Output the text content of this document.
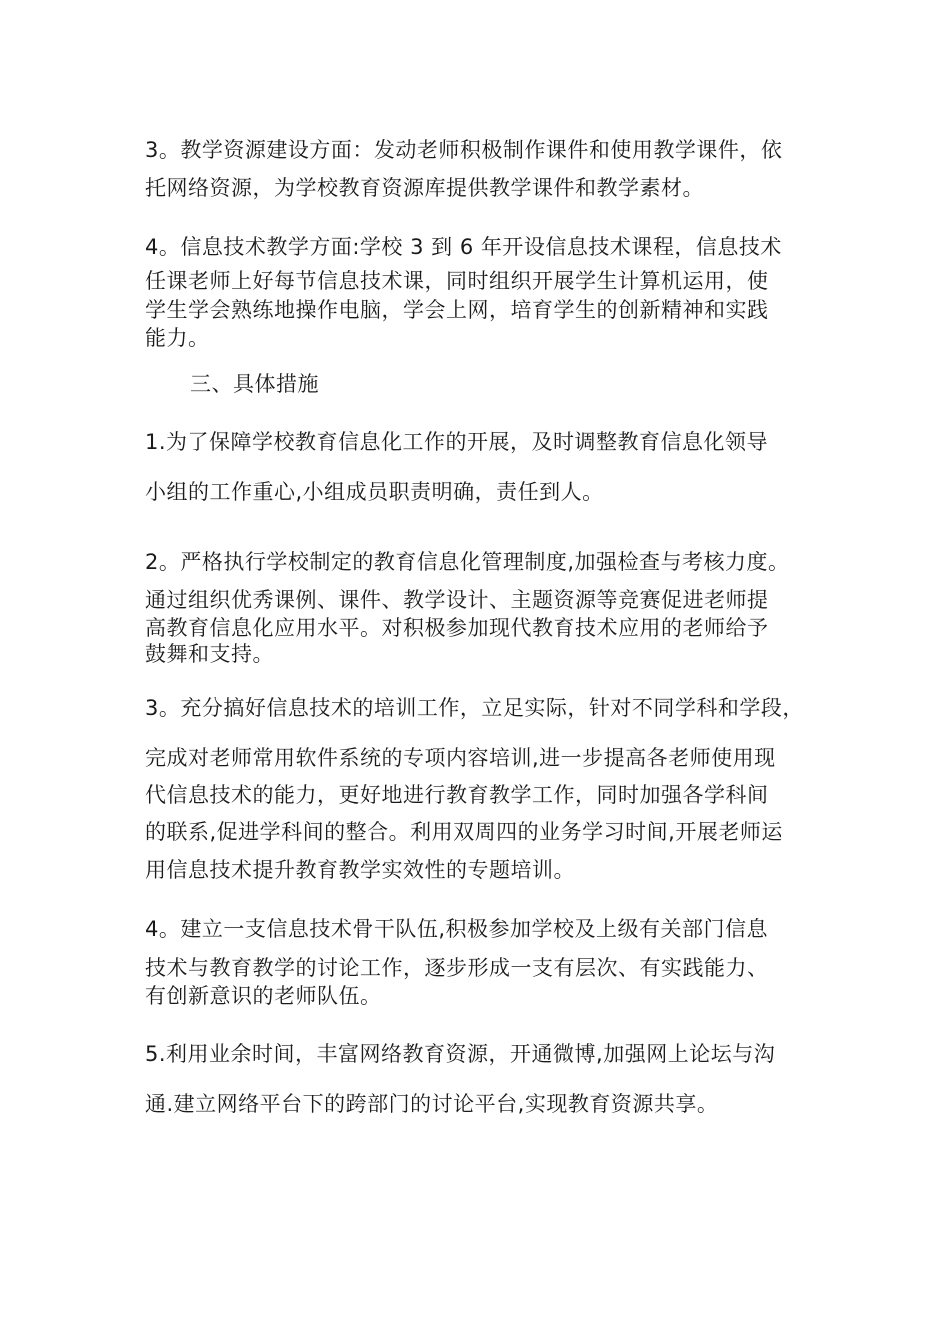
3。教学资源建设方面：发动老师积极制作课件和使用教学课件，依
托网络资源，为学校教育资源库提供教学课件和教学素材。
4。信息技术教学方面:学校 3 到 6 年开设信息技术课程，信息技术
任课老师上好每节信息技术课，同时组织开展学生计算机运用，使
学生学会熟练地操作电脑，学会上网，培育学生的创新精神和实践
能力。
三、具体措施
1.为了保障学校教育信息化工作的开展，及时调整教育信息化领导
小组的工作重心,小组成员职责明确，责任到人。
2。严格执行学校制定的教育信息化管理制度,加强检查与考核力度。
通过组织优秀课例、课件、教学设计、主题资源等竞赛促进老师提
高教育信息化应用水平。对积极参加现代教育技术应用的老师给予
鼓舞和支持。
3。充分搞好信息技术的培训工作，立足实际，针对不同学科和学段，
完成对老师常用软件系统的专项内容培训,进一步提高各老师使用现
代信息技术的能力，更好地进行教育教学工作，同时加强各学科间
的联系,促进学科间的整合。利用双周四的业务学习时间,开展老师运
用信息技术提升教育教学实效性的专题培训。
4。建立一支信息技术骨干队伍,积极参加学校及上级有关部门信息
技术与教育教学的讨论工作，逐步形成一支有层次、有实践能力、
有创新意识的老师队伍。
5.利用业余时间，丰富网络教育资源，开通微博,加强网上论坛与沟
通.建立网络平台下的跨部门的讨论平台,实现教育资源共享。
